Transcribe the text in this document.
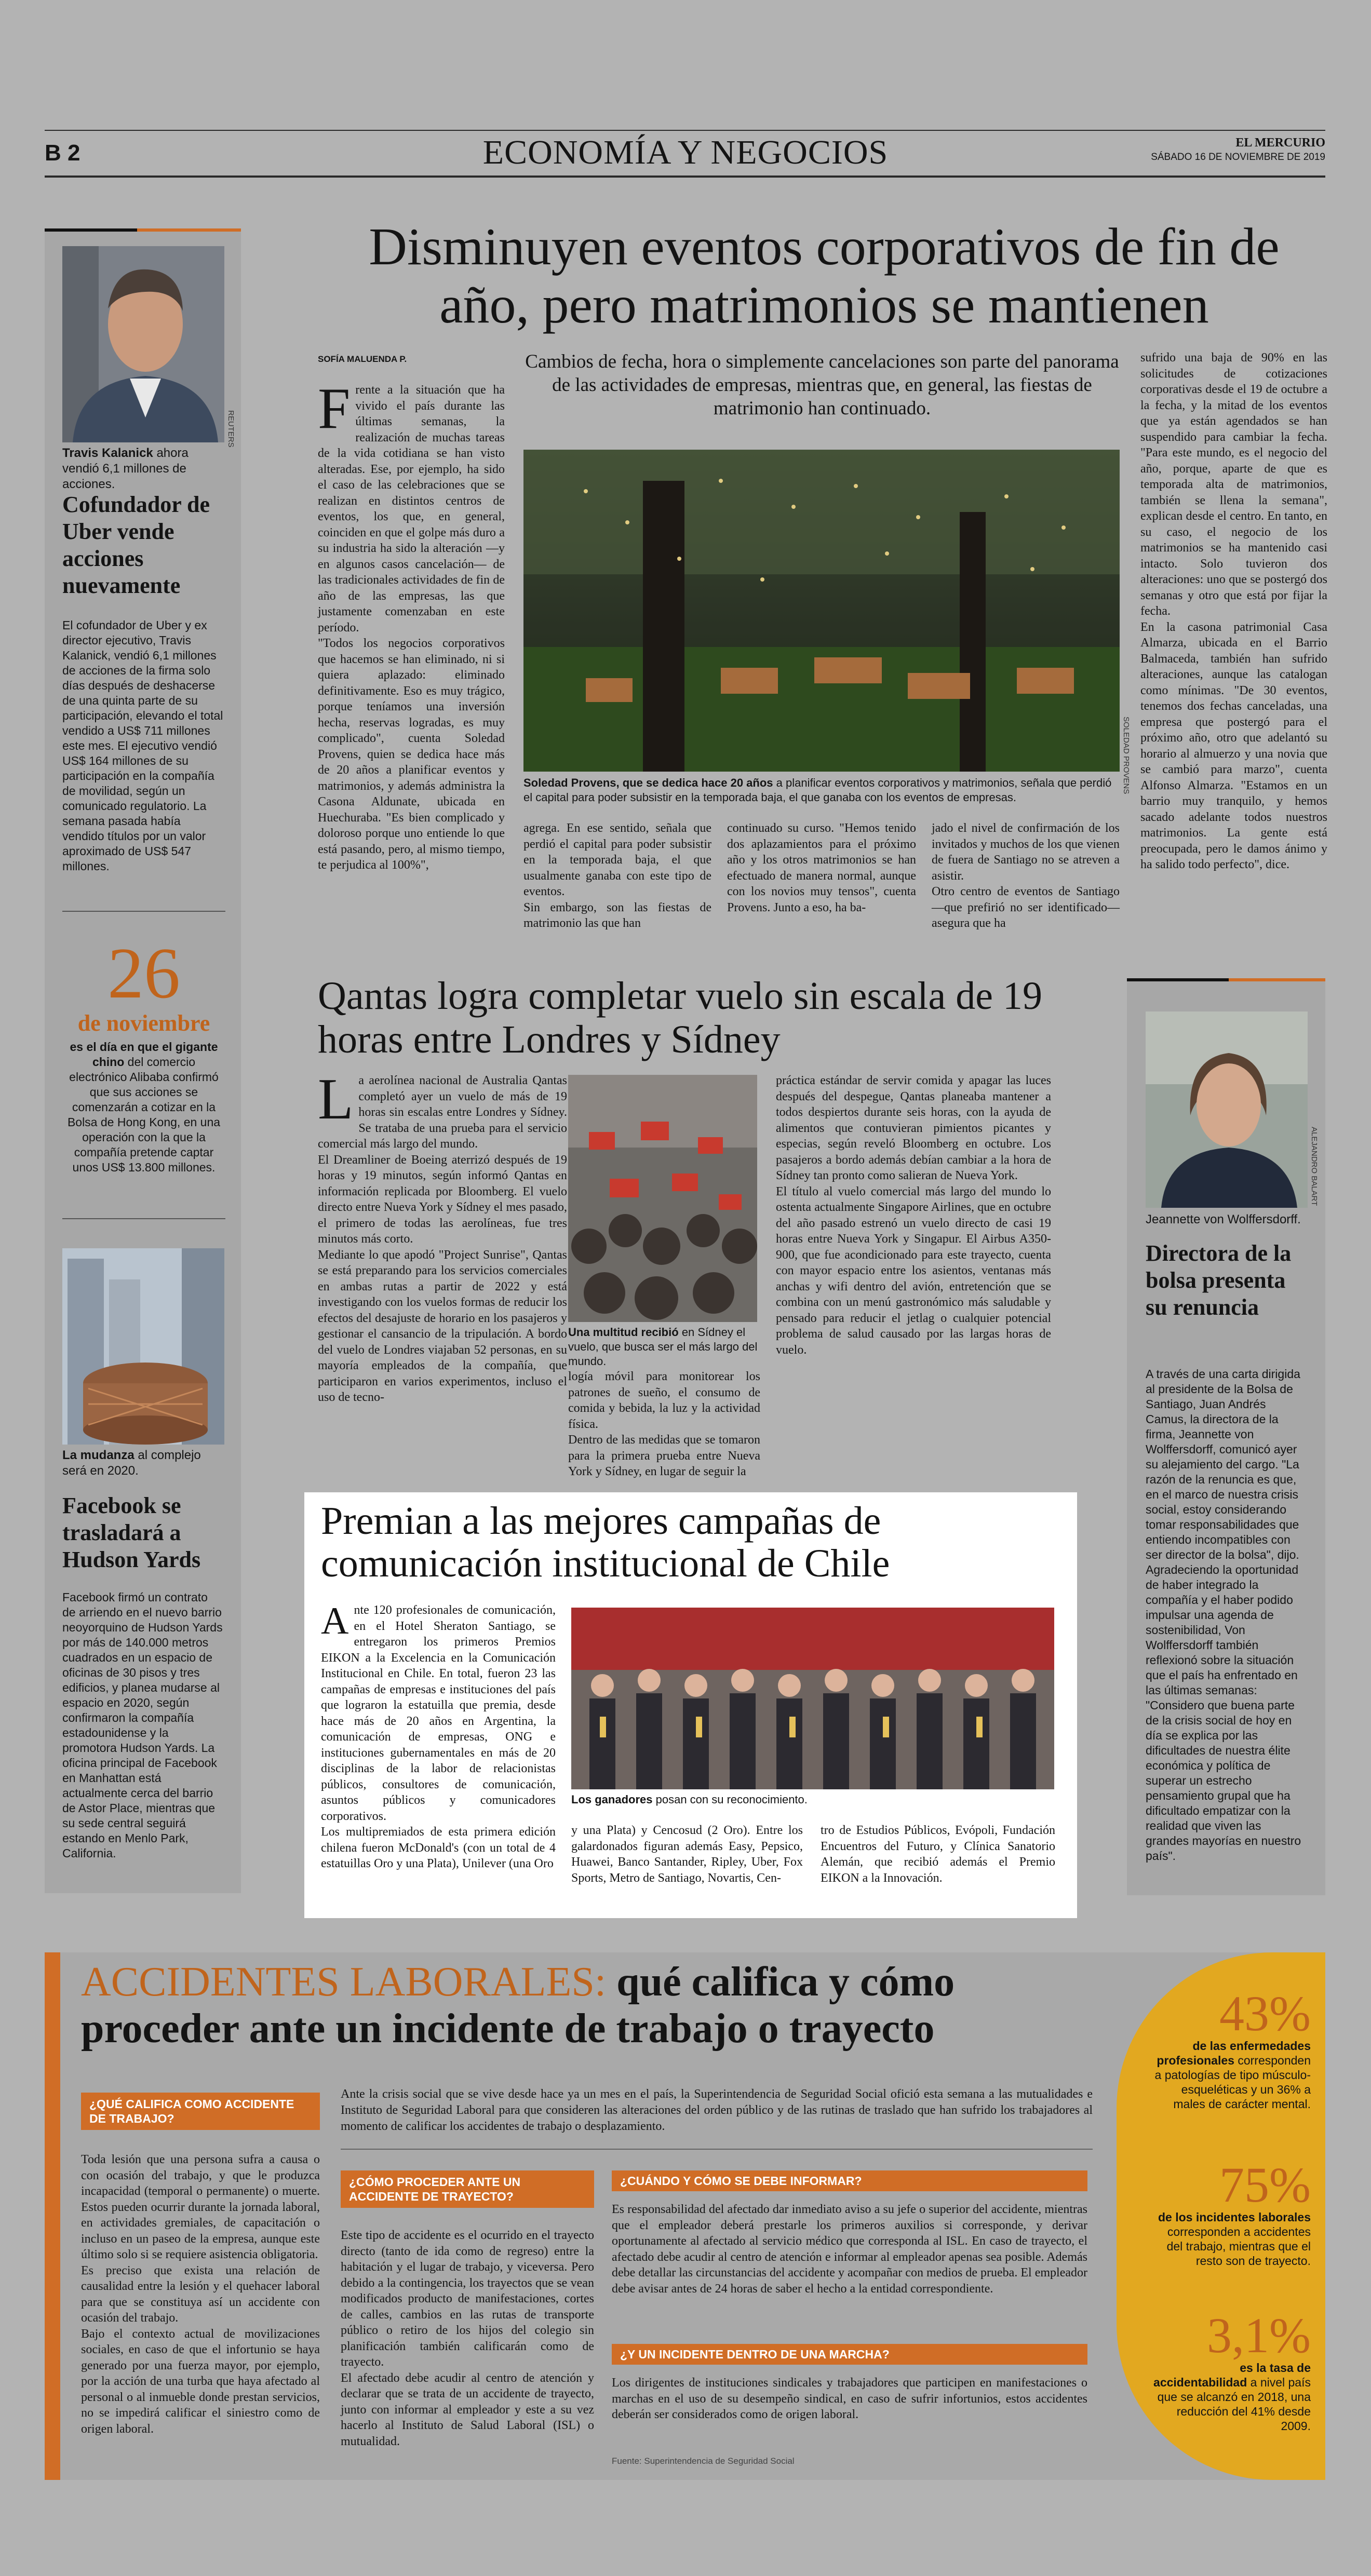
B 2	ECONOMÍA Y NEGOCIOS	EL MERCURIO
SÁBADO 16 DE NOVIEMBRE DE 2019
REUTERS
Travis Kalanick ahora vendió 6,1 millones de acciones.
Cofundador de Uber vende acciones nuevamente
El cofundador de Uber y ex director ejecutivo, Travis Kalanick, vendió 6,1 millones de acciones de la firma solo días después de deshacerse de una quinta parte de su participación, elevando el total vendido a US$ 711 millones este mes. El ejecutivo vendió US$ 164 millones de su participación en la compañía de movilidad, según un comunicado regulatorio. La semana pasada había vendido títulos por un valor aproximado de US$ 547 millones.
26
de noviembre
es el día en que el gigante chino del comercio electrónico Alibaba confirmó que sus acciones se comenzarán a cotizar en la Bolsa de Hong Kong, en una operación con la que la compañía pretende captar unos US$ 13.800 millones.
La mudanza al complejo será en 2020.
Facebook se trasladará a Hudson Yards
Facebook firmó un contrato de arriendo en el nuevo barrio neoyorquino de Hudson Yards por más de 140.000 metros cuadrados en un espacio de oficinas de 30 pisos y tres edificios, y planea mudarse al espacio en 2020, según confirmaron la compañía estadounidense y la promotora Hudson Yards. La oficina principal de Facebook en Manhattan está actualmente cerca del barrio de Astor Place, mientras que su sede central seguirá estando en Menlo Park, California.
Disminuyen eventos corporativos de fin de año, pero matrimonios se mantienen
SOFÍA MALUENDA P.	Cambios de fecha, hora o simplemente cancelaciones son parte del panorama de las actividades de empresas, mientras que, en general, las fiestas de matrimonio han continuado.
Frente a la situación que ha vivido el país durante las últimas semanas, la realización de muchas tareas de la vida cotidiana se han visto alteradas. Ese, por ejemplo, ha sido el caso de las celebraciones que se realizan en distintos centros de eventos, los que, en general, coinciden en que el golpe más duro a su industria ha sido la alteración —y en algunos casos cancelación— de las tradicionales actividades de fin de año de las empresas, las que justamente comenzaban en este período.
"Todos los negocios corporativos que hacemos se han eliminado, ni si quiera aplazado: eliminado definitivamente. Eso es muy trágico, porque teníamos una inversión hecha, reservas logradas, es muy complicado", cuenta Soledad Provens, quien se dedica hace más de 20 años a planificar eventos y matrimonios, y además administra la Casona Aldunate, ubicada en Huechuraba. "Es bien complicado y doloroso porque uno entiende lo que está pasando, pero, al mismo tiempo, te perjudica al 100%",
SOLEDAD PROVENS
Soledad Provens, que se dedica hace 20 años a planificar eventos corporativos y matrimonios, señala que perdió el capital para poder subsistir en la temporada baja, el que ganaba con los eventos de empresas.
agrega. En ese sentido, señala que perdió el capital para poder subsistir en la temporada baja, el que usualmente ganaba con este tipo de eventos.
Sin embargo, son las fiestas de matrimonio las que han
continuado su curso. "Hemos tenido dos aplazamientos para el próximo año y los otros matrimonios se han efectuado de manera normal, aunque con los novios muy tensos", cuenta Provens. Junto a eso, ha ba-
jado el nivel de confirmación de los invitados y muchos de los que vienen de fuera de Santiago no se atreven a asistir.
Otro centro de eventos de Santiago —que prefirió no ser identificado— asegura que ha
sufrido una baja de 90% en las solicitudes de cotizaciones corporativas desde el 19 de octubre a la fecha, y la mitad de los eventos que ya están agendados se han suspendido para cambiar la fecha. "Para este mundo, es el negocio del año, porque, aparte de que es temporada alta de matrimonios, también se llena la semana", explican desde el centro. En tanto, en su caso, el negocio de los matrimonios se ha mantenido casi intacto. Solo tuvieron dos alteraciones: uno que se postergó dos semanas y otro que está por fijar la fecha.
En la casona patrimonial Casa Almarza, ubicada en el Barrio Balmaceda, también han sufrido alteraciones, aunque las catalogan como mínimas. "De 30 eventos, tenemos dos fechas canceladas, una empresa que postergó para el próximo año, otro que adelantó su horario al almuerzo y una novia que se cambió para marzo", cuenta Alfonso Almarza. "Estamos en un barrio muy tranquilo, y hemos sacado adelante todos nuestros matrimonios. La gente está preocupada, pero le damos ánimo y ha salido todo perfecto", dice.
Qantas logra completar vuelo sin escala de 19 horas entre Londres y Sídney
La aerolínea nacional de Australia Qantas completó ayer un vuelo de más de 19 horas sin escalas entre Londres y Sídney. Se trataba de una prueba para el servicio comercial más largo del mundo.
El Dreamliner de Boeing aterrizó después de 19 horas y 19 minutos, según informó Qantas en información replicada por Bloomberg. El vuelo directo entre Nueva York y Sídney el mes pasado, el primero de todas las aerolíneas, fue tres minutos más corto.
Mediante lo que apodó "Project Sunrise", Qantas se está preparando para los servicios comerciales en ambas rutas a partir de 2022 y está investigando con los vuelos formas de reducir los efectos del desajuste de horario en los pasajeros y gestionar el cansancio de la tripulación. A bordo del vuelo de Londres viajaban 52 personas, en su mayoría empleados de la compañía, que participaron en varios experimentos, incluso el uso de tecno-
Una multitud recibió en Sídney el vuelo, que busca ser el más largo del mundo.
logía móvil para monitorear los patrones de sueño, el consumo de comida y bebida, la luz y la actividad física.
Dentro de las medidas que se tomaron para la primera prueba entre Nueva York y Sídney, en lugar de seguir la
práctica estándar de servir comida y apagar las luces después del despegue, Qantas planeaba mantener a todos despiertos durante seis horas, con la ayuda de alimentos que contuvieran pimientos picantes y especias, según reveló Bloomberg en octubre. Los pasajeros a bordo además debían cambiar a la hora de Sídney tan pronto como salieran de Nueva York.
El título al vuelo comercial más largo del mundo lo ostenta actualmente Singapore Airlines, que en octubre del año pasado estrenó un vuelo directo de casi 19 horas entre Nueva York y Singapur. El Airbus A350-900, que fue acondicionado para este trayecto, cuenta con mayor espacio entre los asientos, ventanas más anchas y wifi dentro del avión, entretención que se combina con un menú gastronómico más saludable y pensado para reducir el jetlag o cualquier potencial problema de salud causado por las largas horas de vuelo.
ALEJANDRO BALART
Jeannette von Wolffersdorff.
Directora de la bolsa presenta su renuncia
A través de una carta dirigida al presidente de la Bolsa de Santiago, Juan Andrés Camus, la directora de la firma, Jeannette von Wolffersdorff, comunicó ayer su alejamiento del cargo. "La razón de la renuncia es que, en el marco de nuestra crisis social, estoy considerando tomar responsabilidades que entiendo incompatibles con ser director de la bolsa", dijo. Agradeciendo la oportunidad de haber integrado la compañía y el haber podido impulsar una agenda de sostenibilidad, Von Wolffersdorff también reflexionó sobre la situación que el país ha enfrentado en las últimas semanas: "Considero que buena parte de la crisis social de hoy en día se explica por las dificultades de nuestra élite económica y política de superar un estrecho pensamiento grupal que ha dificultado empatizar con la realidad que viven las grandes mayorías en nuestro país".
Premian a las mejores campañas de comunicación institucional de Chile
Ante 120 profesionales de comunicación, en el Hotel Sheraton Santiago, se entregaron los primeros Premios EIKON a la Excelencia en la Comunicación Institucional en Chile. En total, fueron 23 las campañas de empresas e instituciones del país que lograron la estatuilla que premia, desde hace más de 20 años en Argentina, la comunicación de empresas, ONG e instituciones gubernamentales en más de 20 disciplinas de la labor de relacionistas públicos, consultores de comunicación, asuntos públicos y comunicadores corporativos.
Los multipremiados de esta primera edición chilena fueron McDonald's (con un total de 4 estatuillas Oro y una Plata), Unilever (una Oro
Los ganadores posan con su reconocimiento.
y una Plata) y Cencosud (2 Oro). Entre los galardonados figuran además Easy, Pepsico, Huawei, Banco Santander, Ripley, Uber, Fox Sports, Metro de Santiago, Novartis, Cen-
tro de Estudios Públicos, Evópoli, Fundación Encuentros del Futuro, y Clínica Sanatorio Alemán, que recibió además el Premio EIKON a la Innovación.
ACCIDENTES LABORALES: qué califica y cómo proceder ante un incidente de trabajo o trayecto
Ante la crisis social que se vive desde hace ya un mes en el país, la Superintendencia de Seguridad Social ofició esta semana a las mutualidades e Instituto de Seguridad Laboral para que consideren las alteraciones del orden público y de las rutinas de traslado que han sufrido los trabajadores al momento de calificar los accidentes de trabajo o desplazamiento.
¿QUÉ CALIFICA COMO ACCIDENTE DE TRABAJO?
Toda lesión que una persona sufra a causa o con ocasión del trabajo, y que le produzca incapacidad (temporal o permanente) o muerte. Estos pueden ocurrir durante la jornada laboral, en actividades gremiales, de capacitación o incluso en un paseo de la empresa, aunque este último solo si se requiere asistencia obligatoria.
Es preciso que exista una relación de causalidad entre la lesión y el quehacer laboral para que se constituya así un accidente con ocasión del trabajo.
Bajo el contexto actual de movilizaciones sociales, en caso de que el infortunio se haya generado por una fuerza mayor, por ejemplo, por la acción de una turba que haya afectado al personal o al inmueble donde prestan servicios, no se impedirá calificar el siniestro como de origen laboral.
¿CÓMO PROCEDER ANTE UN ACCIDENTE DE TRAYECTO?
Este tipo de accidente es el ocurrido en el trayecto directo (tanto de ida como de regreso) entre la habitación y el lugar de trabajo, y viceversa. Pero debido a la contingencia, los trayectos que se vean modificados producto de manifestaciones, cortes de calles, cambios en las rutas de transporte público o retiro de los hijos del colegio sin planificación también calificarán como de trayecto.
El afectado debe acudir al centro de atención y declarar que se trata de un accidente de trayecto, junto con informar al empleador y este a su vez hacerlo al Instituto de Salud Laboral (ISL) o mutualidad.
¿CUÁNDO Y CÓMO SE DEBE INFORMAR?
Es responsabilidad del afectado dar inmediato aviso a su jefe o superior del accidente, mientras que el empleador deberá prestarle los primeros auxilios si corresponde, y derivar oportunamente al afectado al servicio médico que corresponda al ISL. En caso de trayecto, el afectado debe acudir al centro de atención e informar al empleador apenas sea posible. Además debe detallar las circunstancias del accidente y acompañar con medios de prueba. El empleador debe avisar antes de 24 horas de saber el hecho a la entidad correspondiente.
¿Y UN INCIDENTE DENTRO DE UNA MARCHA?
Los dirigentes de instituciones sindicales y trabajadores que participen en manifestaciones o marchas en el uso de su desempeño sindical, en caso de sufrir infortunios, estos accidentes deberán ser considerados como de origen laboral.
Fuente: Superintendencia de Seguridad Social
43%
de las enfermedades profesionales corresponden a patologías de tipo músculo-esqueléticas y un 36% a males de carácter mental.
75%
de los incidentes laborales corresponden a accidentes del trabajo, mientras que el resto son de trayecto.
3,1%
es la tasa de accidentabilidad a nivel país que se alcanzó en 2018, una reducción del 41% desde 2009.
